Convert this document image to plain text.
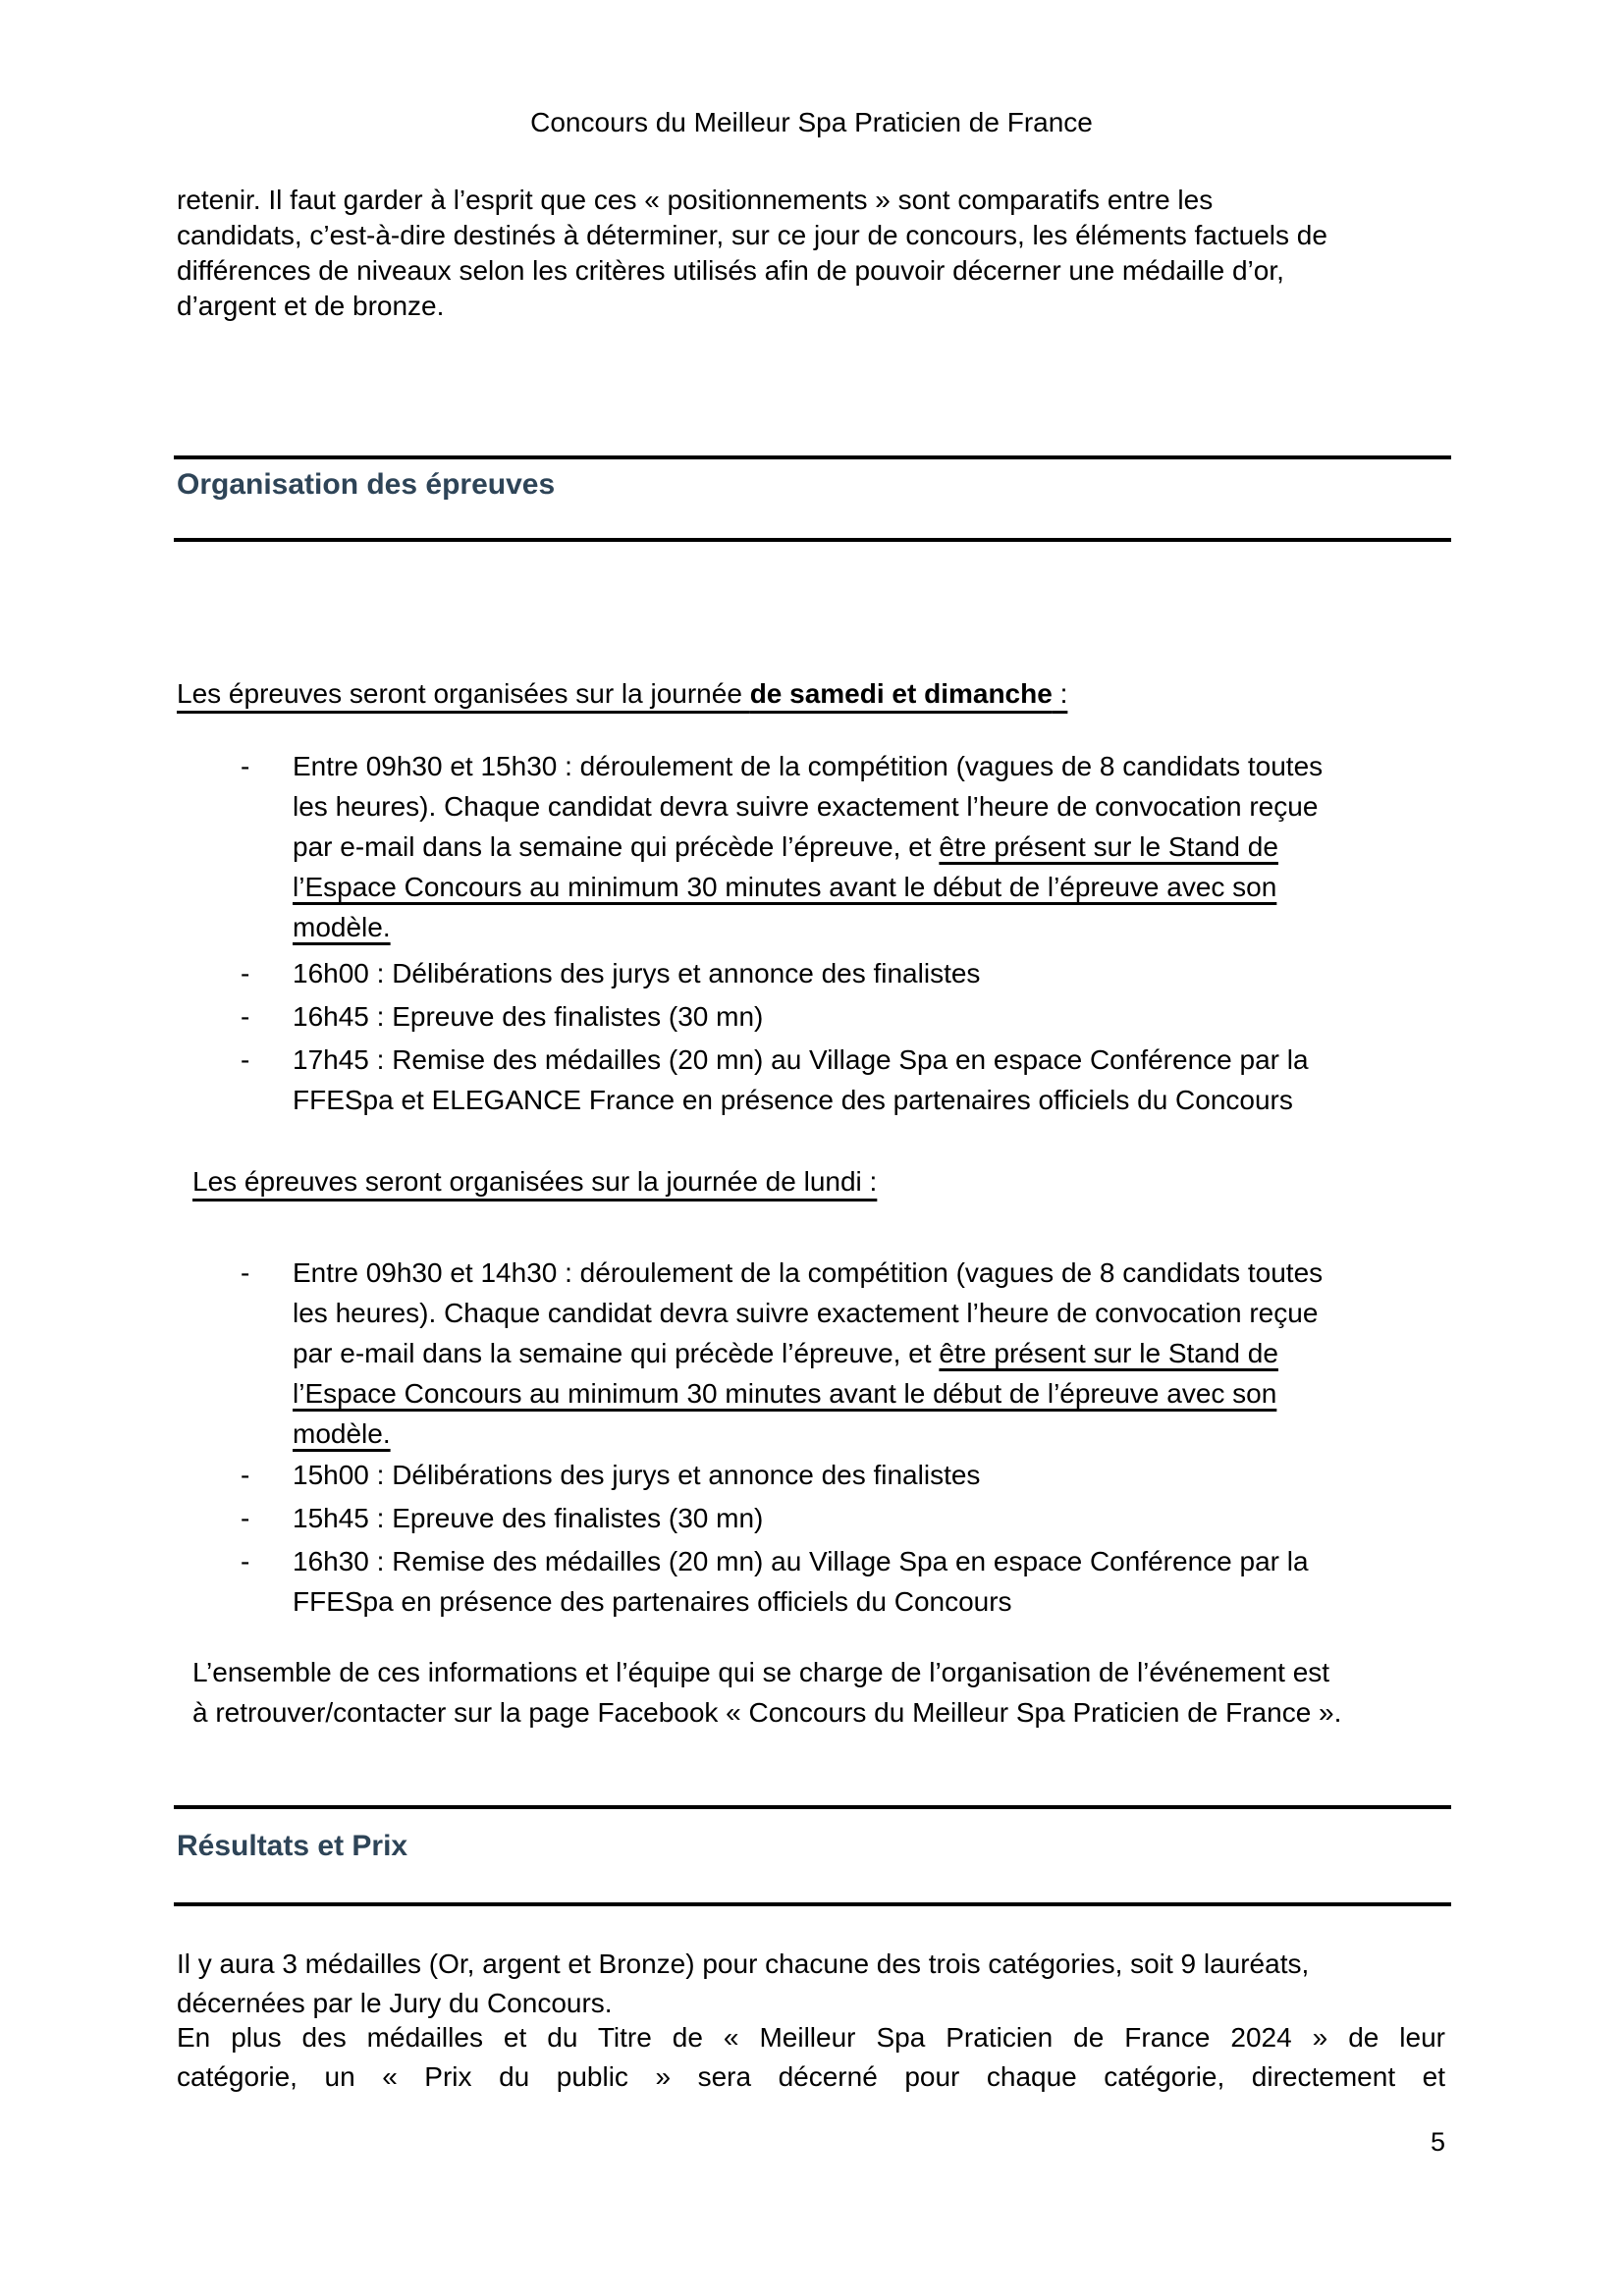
Concours du Meilleur Spa Praticien de France
5
retenir. Il faut garder à l’esprit que ces « positionnements » sont comparatifs entre les
candidats, c’est-à-dire destinés à déterminer, sur ce jour de concours, les éléments factuels de
différences de niveaux selon les critères utilisés afin de pouvoir décerner une médaille d’or,
d’argent et de bronze.
Organisation des épreuves
Les épreuves seront organisées sur la journée de samedi et dimanche :
-	Entre 09h30 et 15h30 : déroulement de la compétition (vagues de 8 candidats toutes
les heures). Chaque candidat devra suivre exactement l’heure de convocation reçue
par e-mail dans la semaine qui précède l’épreuve, et être présent sur le Stand de
l’Espace Concours au minimum 30 minutes avant le début de l’épreuve avec son
modèle.
-	16h00 : Délibérations des jurys et annonce des finalistes
-	16h45 : Epreuve des finalistes (30 mn)
-	17h45 : Remise des médailles (20 mn) au Village Spa en espace Conférence par la
FFESpa et ELEGANCE France en présence des partenaires officiels du Concours
Les épreuves seront organisées sur la journée de lundi :
-	Entre 09h30 et 14h30 : déroulement de la compétition (vagues de 8 candidats toutes
les heures). Chaque candidat devra suivre exactement l’heure de convocation reçue
par e-mail dans la semaine qui précède l’épreuve, et être présent sur le Stand de
l’Espace Concours au minimum 30 minutes avant le début de l’épreuve avec son
modèle.
-	15h00 : Délibérations des jurys et annonce des finalistes
-	15h45 : Epreuve des finalistes (30 mn)
-	16h30 : Remise des médailles (20 mn) au Village Spa en espace Conférence par la
FFESpa en présence des partenaires officiels du Concours
L’ensemble de ces informations et l’équipe qui se charge de l’organisation de l’événement est
à retrouver/contacter sur la page Facebook « Concours du Meilleur Spa Praticien de France ».
Résultats et Prix
Il y aura 3 médailles (Or, argent et Bronze) pour chacune des trois catégories, soit 9 lauréats,
décernées par le Jury du Concours.
En plus des médailles et du Titre de « Meilleur Spa Praticien de France 2024 » de leur
catégorie, un « Prix du public » sera décerné pour chaque catégorie, directement et
